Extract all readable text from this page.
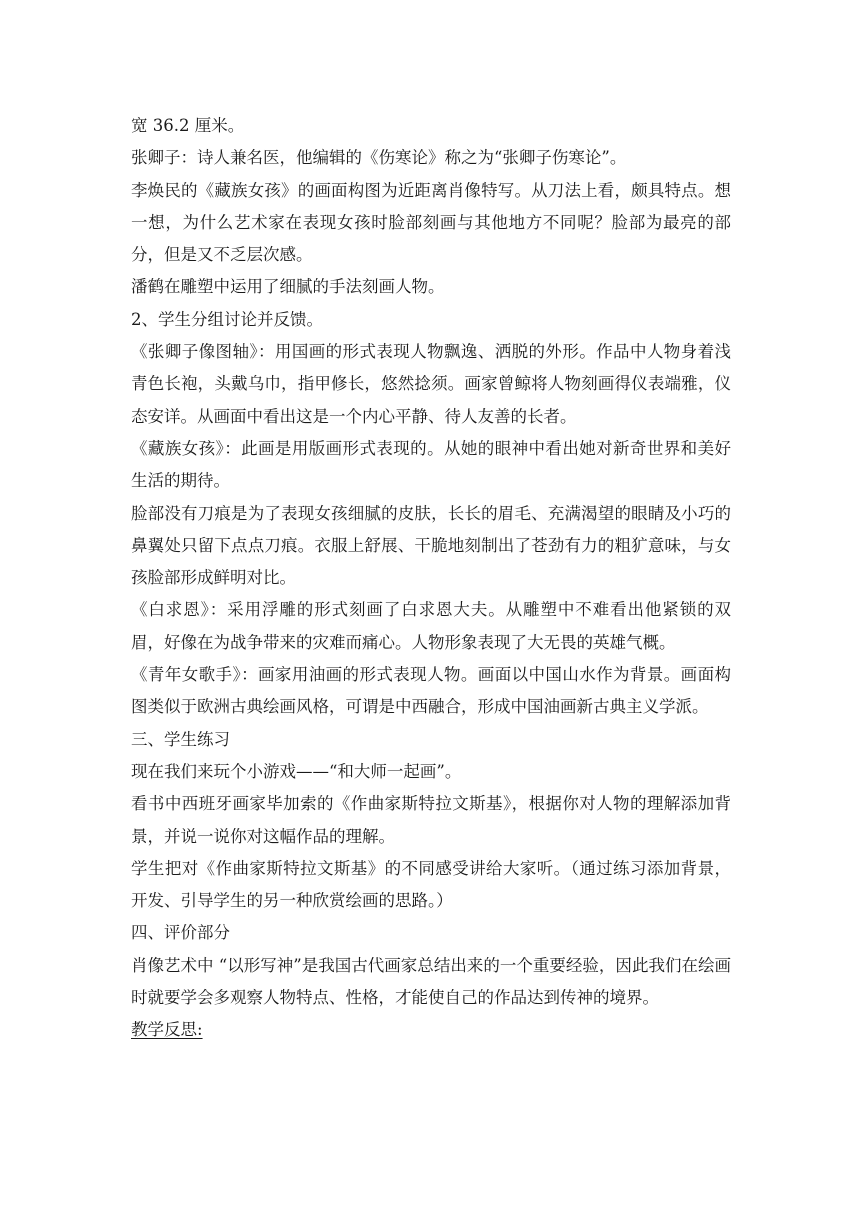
宽 36.2 厘米。

张卿子：诗人兼名医，他编辑的《伤寒论》称之为“张卿子伤寒论”。

李焕民的《藏族女孩》的画面构图为近距离肖像特写。从刀法上看，颇具特点。想一想，为什么艺术家在表现女孩时脸部刻画与其他地方不同呢？脸部为最亮的部分，但是又不乏层次感。

潘鹤在雕塑中运用了细腻的手法刻画人物。

2、学生分组讨论并反馈。

《张卿子像图轴》：用国画的形式表现人物飘逸、洒脱的外形。作品中人物身着浅青色长袍，头戴乌巾，指甲修长，悠然捻须。画家曾鲸将人物刻画得仪表端雅，仪态安详。从画面中看出这是一个内心平静、待人友善的长者。

《藏族女孩》：此画是用版画形式表现的。从她的眼神中看出她对新奇世界和美好生活的期待。

脸部没有刀痕是为了表现女孩细腻的皮肤，长长的眉毛、充满渴望的眼睛及小巧的鼻翼处只留下点点刀痕。衣服上舒展、干脆地刻制出了苍劲有力的粗犷意味，与女孩脸部形成鲜明对比。

《白求恩》：采用浮雕的形式刻画了白求恩大夫。从雕塑中不难看出他紧锁的双眉，好像在为战争带来的灾难而痛心。人物形象表现了大无畏的英雄气概。

《青年女歌手》：画家用油画的形式表现人物。画面以中国山水作为背景。画面构图类似于欧洲古典绘画风格，可谓是中西融合，形成中国油画新古典主义学派。

三、学生练习

现在我们来玩个小游戏——“和大师一起画”。

看书中西班牙画家毕加索的《作曲家斯特拉文斯基》，根据你对人物的理解添加背景，并说一说你对这幅作品的理解。

学生把对《作曲家斯特拉文斯基》的不同感受讲给大家听。（通过练习添加背景，开发、引导学生的另一种欣赏绘画的思路。）

四、评价部分

肖像艺术中 “以形写神”是我国古代画家总结出来的一个重要经验，因此我们在绘画时就要学会多观察人物特点、性格，才能使自己的作品达到传神的境界。

教学反思:
